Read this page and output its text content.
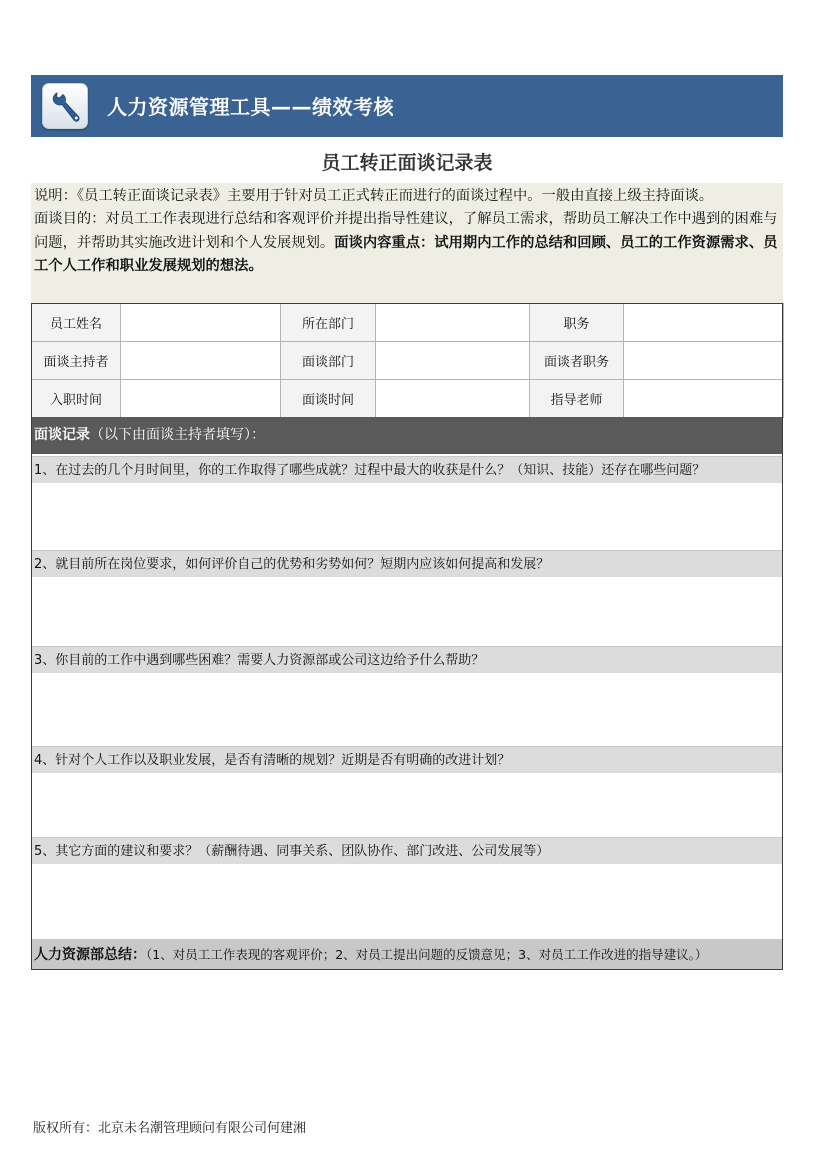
人力资源管理工具——绩效考核
员工转正面谈记录表
说明：《员工转正面谈记录表》主要用于针对员工正式转正而进行的面谈过程中。一般由直接上级主持面谈。
面谈目的：对员工工作表现进行总结和客观评价并提出指导性建议，了解员工需求，帮助员工解决工作中遇到的困难与问题，并帮助其实施改进计划和个人发展规划。面谈内容重点：试用期内工作的总结和回顾、员工的工作资源需求、员工个人工作和职业发展规划的想法。
员工姓名		所在部门		职务	
面谈主持者		面谈部门		面谈者职务	
入职时间		面谈时间		指导老师	
面谈记录（以下由面谈主持者填写）：
1、在过去的几个月时间里，你的工作取得了哪些成就？过程中最大的收获是什么？（知识、技能）还存在哪些问题？
2、就目前所在岗位要求，如何评价自己的优势和劣势如何？短期内应该如何提高和发展？
3、你目前的工作中遇到哪些困难？需要人力资源部或公司这边给予什么帮助？
4、针对个人工作以及职业发展，是否有清晰的规划？近期是否有明确的改进计划？
5、其它方面的建议和要求？（薪酬待遇、同事关系、团队协作、部门改进、公司发展等）
人力资源部总结：（1、对员工工作表现的客观评价；2、对员工提出问题的反馈意见；3、对员工工作改进的指导建议。）
版权所有：北京未名潮管理顾问有限公司何建湘
